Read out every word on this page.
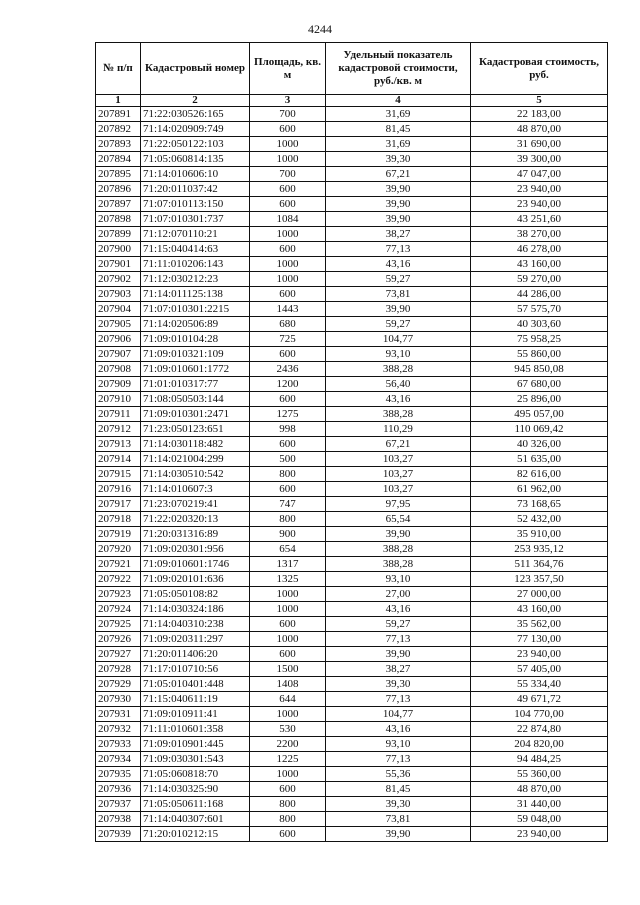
4244
№ п/п	Кадастровый номер	Площадь, кв. м	Удельный показатель кадастровой стоимости, руб./кв. м	Кадастровая стоимость, руб.
1	2	3	4	5
207891	71:22:030526:165	700	31,69	22 183,00
207892	71:14:020909:749	600	81,45	48 870,00
207893	71:22:050122:103	1000	31,69	31 690,00
207894	71:05:060814:135	1000	39,30	39 300,00
207895	71:14:010606:10	700	67,21	47 047,00
207896	71:20:011037:42	600	39,90	23 940,00
207897	71:07:010113:150	600	39,90	23 940,00
207898	71:07:010301:737	1084	39,90	43 251,60
207899	71:12:070110:21	1000	38,27	38 270,00
207900	71:15:040414:63	600	77,13	46 278,00
207901	71:11:010206:143	1000	43,16	43 160,00
207902	71:12:030212:23	1000	59,27	59 270,00
207903	71:14:011125:138	600	73,81	44 286,00
207904	71:07:010301:2215	1443	39,90	57 575,70
207905	71:14:020506:89	680	59,27	40 303,60
207906	71:09:010104:28	725	104,77	75 958,25
207907	71:09:010321:109	600	93,10	55 860,00
207908	71:09:010601:1772	2436	388,28	945 850,08
207909	71:01:010317:77	1200	56,40	67 680,00
207910	71:08:050503:144	600	43,16	25 896,00
207911	71:09:010301:2471	1275	388,28	495 057,00
207912	71:23:050123:651	998	110,29	110 069,42
207913	71:14:030118:482	600	67,21	40 326,00
207914	71:14:021004:299	500	103,27	51 635,00
207915	71:14:030510:542	800	103,27	82 616,00
207916	71:14:010607:3	600	103,27	61 962,00
207917	71:23:070219:41	747	97,95	73 168,65
207918	71:22:020320:13	800	65,54	52 432,00
207919	71:20:031316:89	900	39,90	35 910,00
207920	71:09:020301:956	654	388,28	253 935,12
207921	71:09:010601:1746	1317	388,28	511 364,76
207922	71:09:020101:636	1325	93,10	123 357,50
207923	71:05:050108:82	1000	27,00	27 000,00
207924	71:14:030324:186	1000	43,16	43 160,00
207925	71:14:040310:238	600	59,27	35 562,00
207926	71:09:020311:297	1000	77,13	77 130,00
207927	71:20:011406:20	600	39,90	23 940,00
207928	71:17:010710:56	1500	38,27	57 405,00
207929	71:05:010401:448	1408	39,30	55 334,40
207930	71:15:040611:19	644	77,13	49 671,72
207931	71:09:010911:41	1000	104,77	104 770,00
207932	71:11:010601:358	530	43,16	22 874,80
207933	71:09:010901:445	2200	93,10	204 820,00
207934	71:09:030301:543	1225	77,13	94 484,25
207935	71:05:060818:70	1000	55,36	55 360,00
207936	71:14:030325:90	600	81,45	48 870,00
207937	71:05:050611:168	800	39,30	31 440,00
207938	71:14:040307:601	800	73,81	59 048,00
207939	71:20:010212:15	600	39,90	23 940,00
